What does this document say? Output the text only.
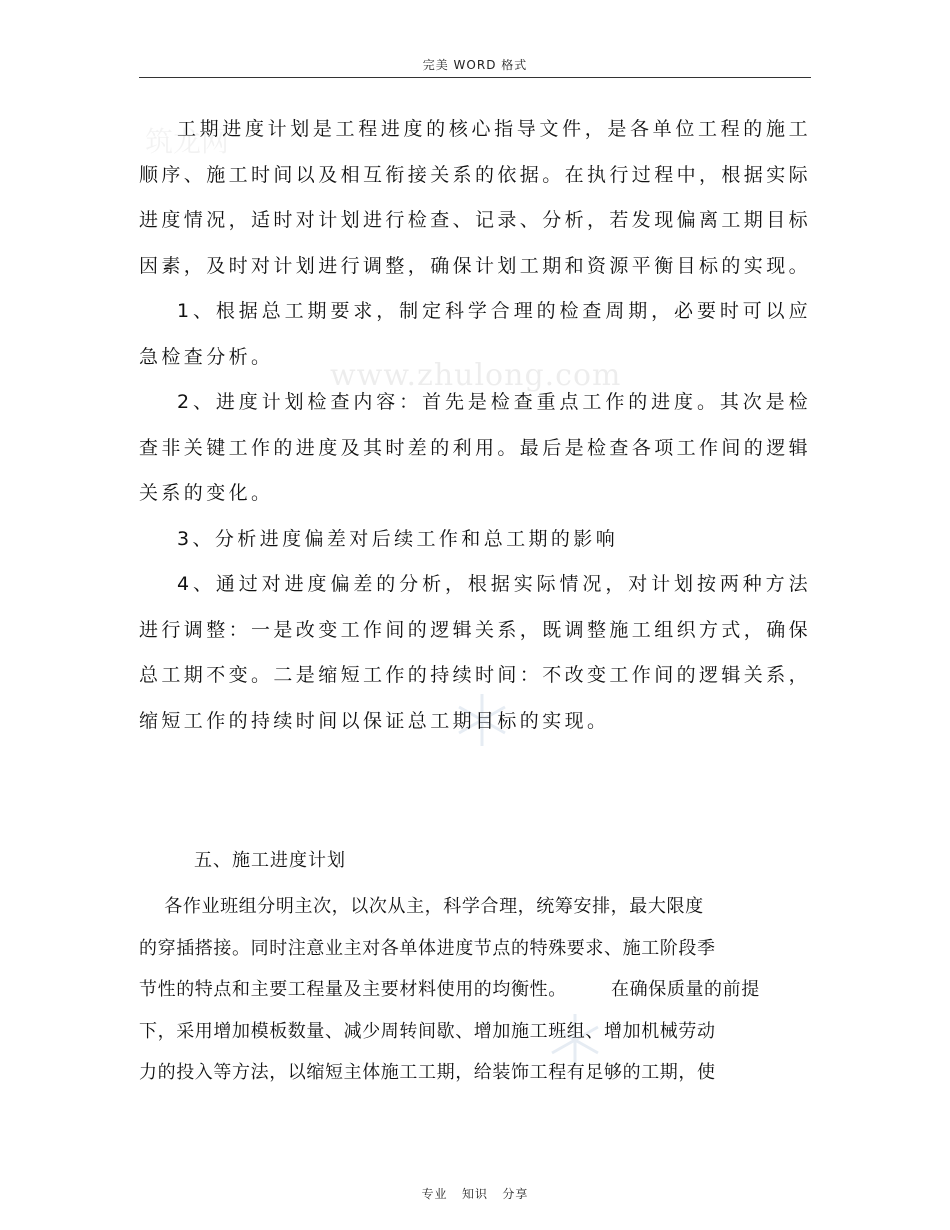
完美 WORD 格式
筑龙网
www.zhulong.com

工期进度计划是工程进度的核心指导文件，是各单位工程的施工顺序、施工时间以及相互衔接关系的依据。在执行过程中，根据实际进度情况，适时对计划进行检查、记录、分析，若发现偏离工期目标因素，及时对计划进行调整，确保计划工期和资源平衡目标的实现。

1、根据总工期要求，制定科学合理的检查周期，必要时可以应急检查分析。

2、进度计划检查内容：首先是检查重点工作的进度。其次是检查非关键工作的进度及其时差的利用。最后是检查各项工作间的逻辑关系的变化。

3、分析进度偏差对后续工作和总工期的影响

4、通过对进度偏差的分析，根据实际情况，对计划按两种方法进行调整：一是改变工作间的逻辑关系，既调整施工组织方式，确保总工期不变。二是缩短工作的持续时间：不改变工作间的逻辑关系，缩短工作的持续时间以保证总工期目标的实现。

五、施工进度计划
各作业班组分明主次，以次从主，科学合理，统筹安排，最大限度
的穿插搭接。同时注意业主对各单体进度节点的特殊要求、施工阶段季
节性的特点和主要工程量及主要材料使用的均衡性。       在确保质量的前提
下，采用增加模板数量、减少周转间歇、增加施工班组、增加机械劳动
力的投入等方法，以缩短主体施工工期，给装饰工程有足够的工期，使
专业   知识   分享
